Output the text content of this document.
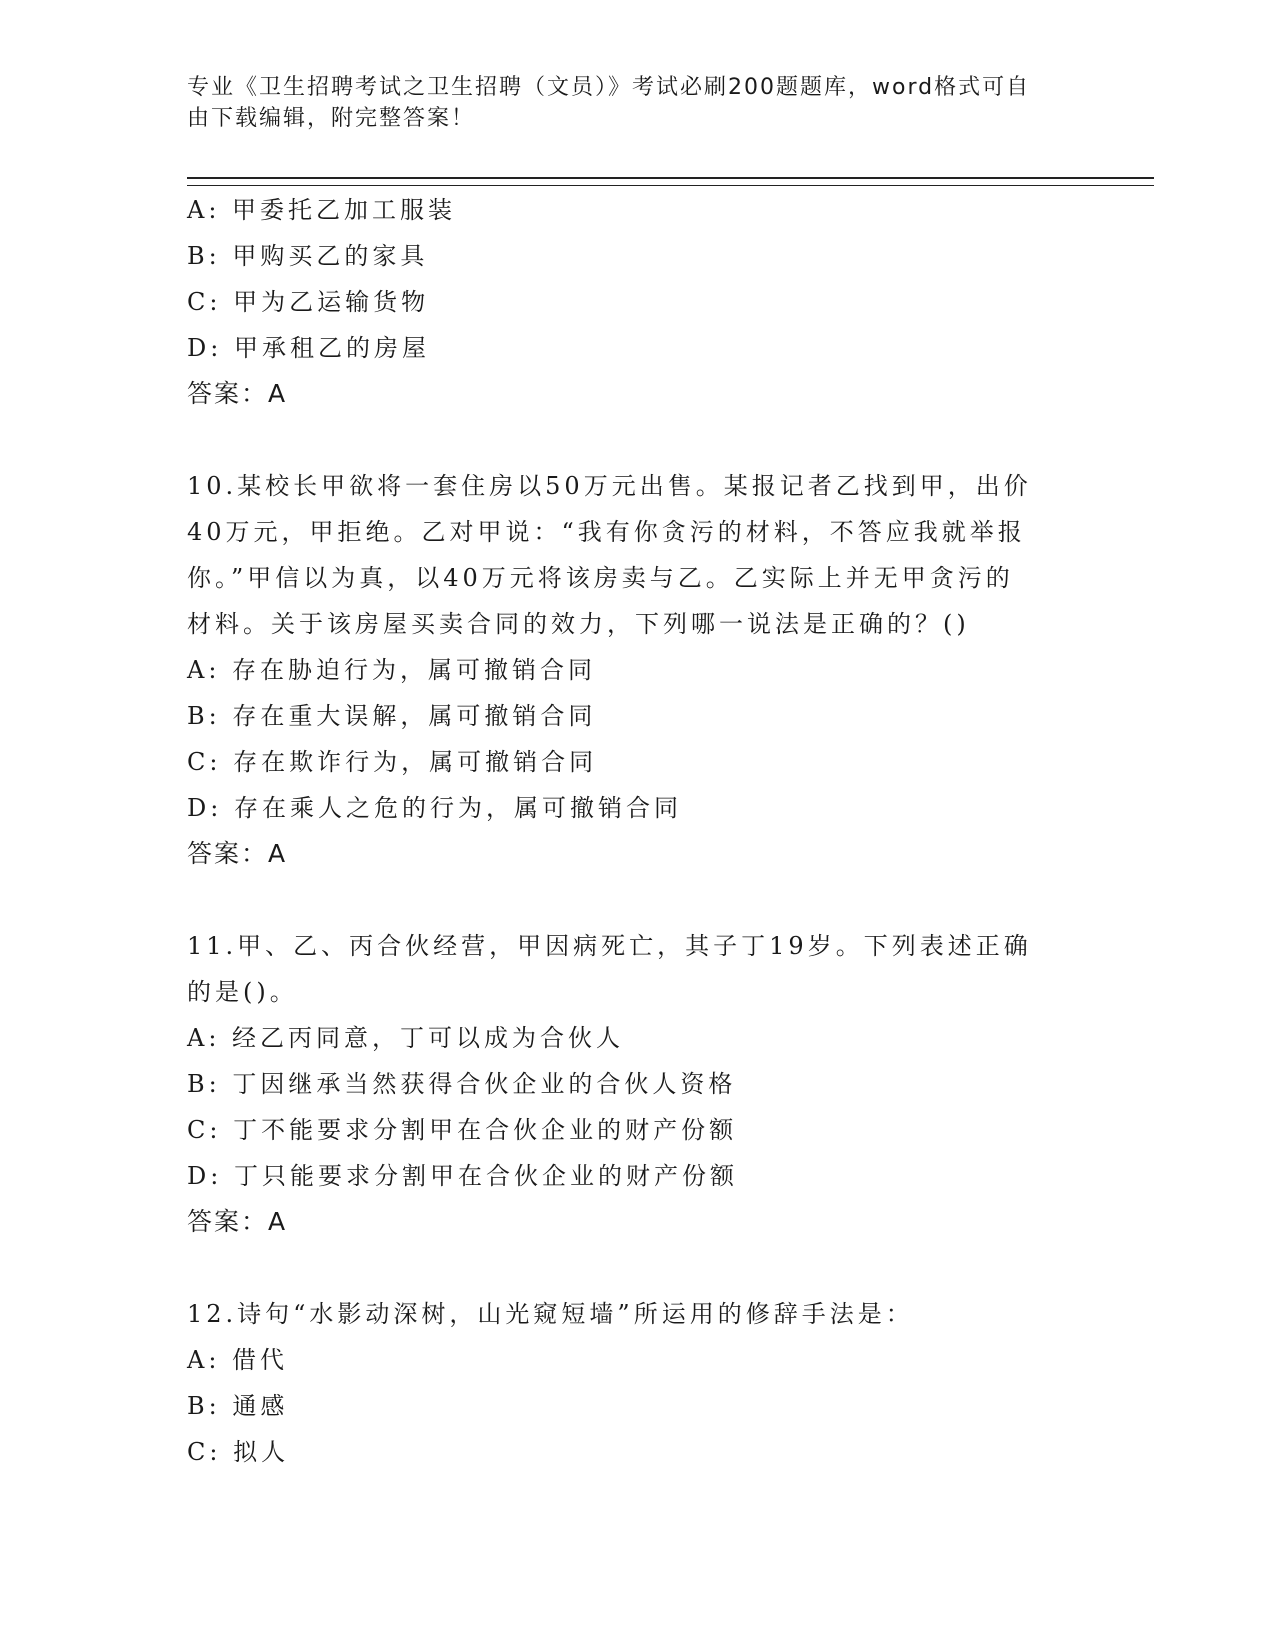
专业《卫生招聘考试之卫生招聘（文员）》考试必刷200题题库，word格式可自
由下载编辑，附完整答案！
A: 甲委托乙加工服装
B: 甲购买乙的家具
C: 甲为乙运输货物
D: 甲承租乙的房屋
答案：A
10.某校长甲欲将一套住房以50万元出售。某报记者乙找到甲，出价
40万元，甲拒绝。乙对甲说：“我有你贪污的材料，不答应我就举报
你。”甲信以为真，以40万元将该房卖与乙。乙实际上并无甲贪污的
材料。关于该房屋买卖合同的效力，下列哪一说法是正确的？()
A: 存在胁迫行为，属可撤销合同
B: 存在重大误解，属可撤销合同
C: 存在欺诈行为，属可撤销合同
D: 存在乘人之危的行为，属可撤销合同
答案：A
11.甲、乙、丙合伙经营，甲因病死亡，其子丁19岁。下列表述正确
的是()。
A: 经乙丙同意，丁可以成为合伙人
B: 丁因继承当然获得合伙企业的合伙人资格
C: 丁不能要求分割甲在合伙企业的财产份额
D: 丁只能要求分割甲在合伙企业的财产份额
答案：A
12.诗句“水影动深树，山光窥短墙”所运用的修辞手法是：
A: 借代
B: 通感
C: 拟人
